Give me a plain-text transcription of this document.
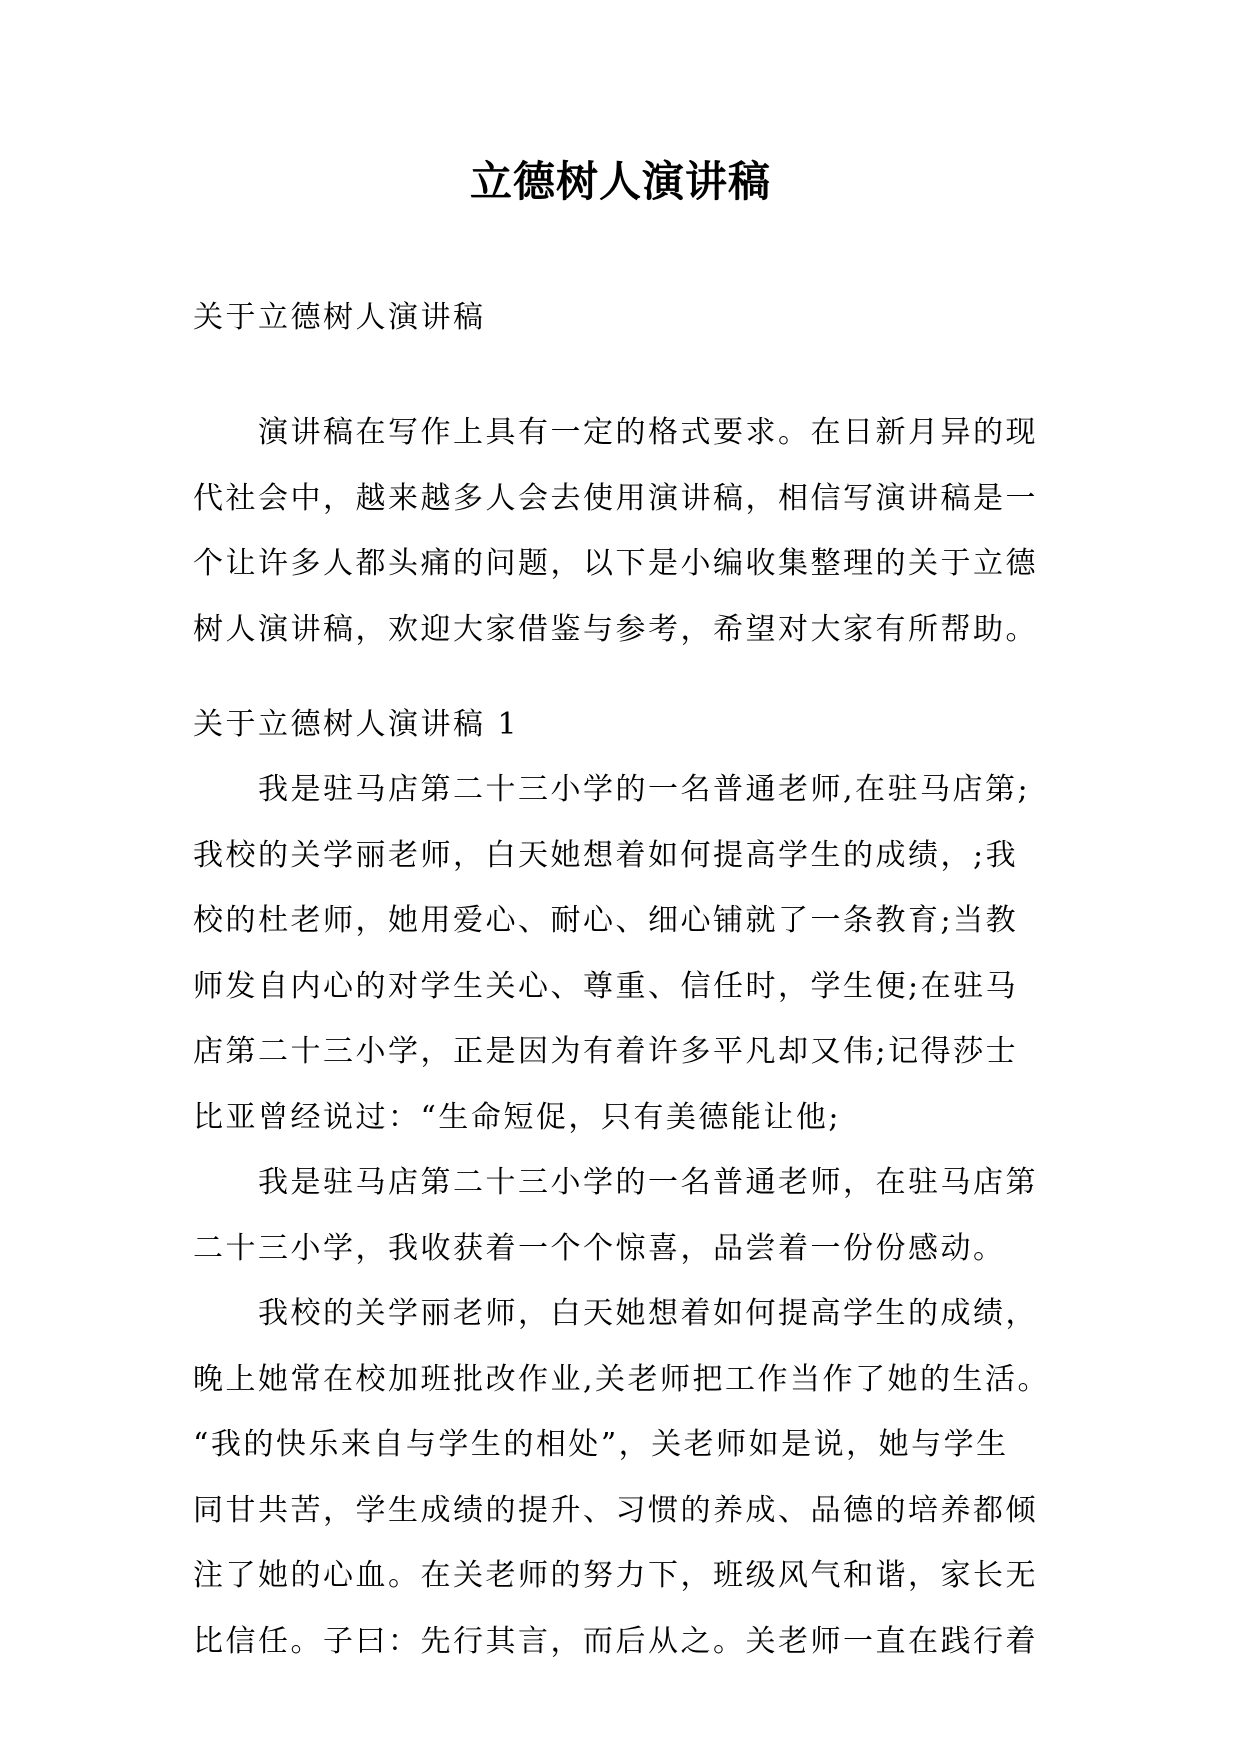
立德树人演讲稿

关于立德树人演讲稿

　　演讲稿在写作上具有一定的格式要求。在日新月异的现
代社会中，越来越多人会去使用演讲稿，相信写演讲稿是一
个让许多人都头痛的问题，以下是小编收集整理的关于立德
树人演讲稿，欢迎大家借鉴与参考，希望对大家有所帮助。

关于立德树人演讲稿 1

　　我是驻马店第二十三小学的一名普通老师,在驻马店第;
我校的关学丽老师，白天她想着如何提高学生的成绩，;我
校的杜老师，她用爱心、耐心、细心铺就了一条教育;当教
师发自内心的对学生关心、尊重、信任时，学生便;在驻马
店第二十三小学，正是因为有着许多平凡却又伟;记得莎士
比亚曾经说过：“生命短促，只有美德能让他;
　　我是驻马店第二十三小学的一名普通老师，在驻马店第
二十三小学，我收获着一个个惊喜，品尝着一份份感动。
　　我校的关学丽老师，白天她想着如何提高学生的成绩，
晚上她常在校加班批改作业,关老师把工作当作了她的生活。
“我的快乐来自与学生的相处”，关老师如是说，她与学生
同甘共苦，学生成绩的提升、习惯的养成、品德的培养都倾
注了她的心血。在关老师的努力下，班级风气和谐，家长无
比信任。子曰：先行其言，而后从之。关老师一直在践行着
